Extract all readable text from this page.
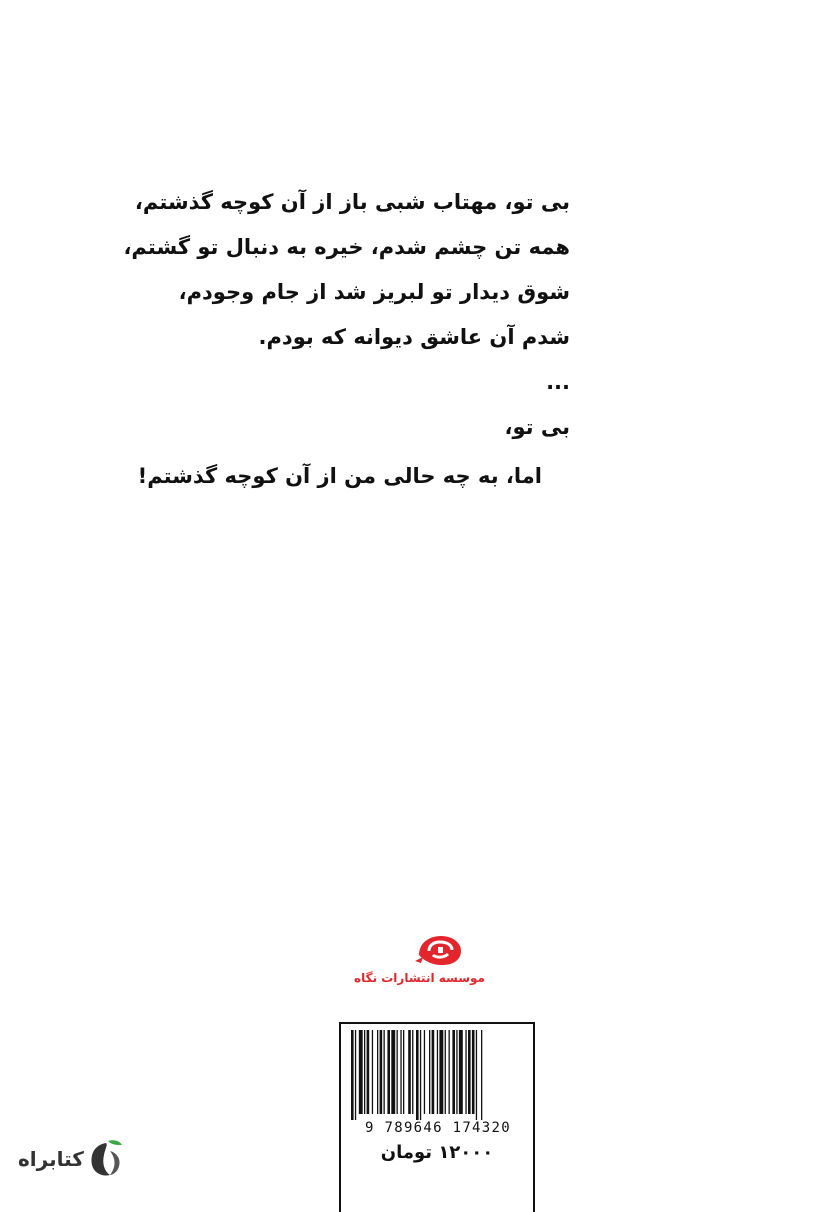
بی تو، مهتاب شبی باز از آن کوچه گذشتم،
همه تن چشم شدم، خیره به دنبال تو گشتم،
شوق دیدار تو لبریز شد از جام وجودم،
شدم آن عاشق دیوانه که بودم.
...
بی تو،
اما، به چه حالی من از آن کوچه گذشتم!
موسسه انتشارات نگاه
9 789646 174320
۱۲۰۰۰ تومان
کتابراه
